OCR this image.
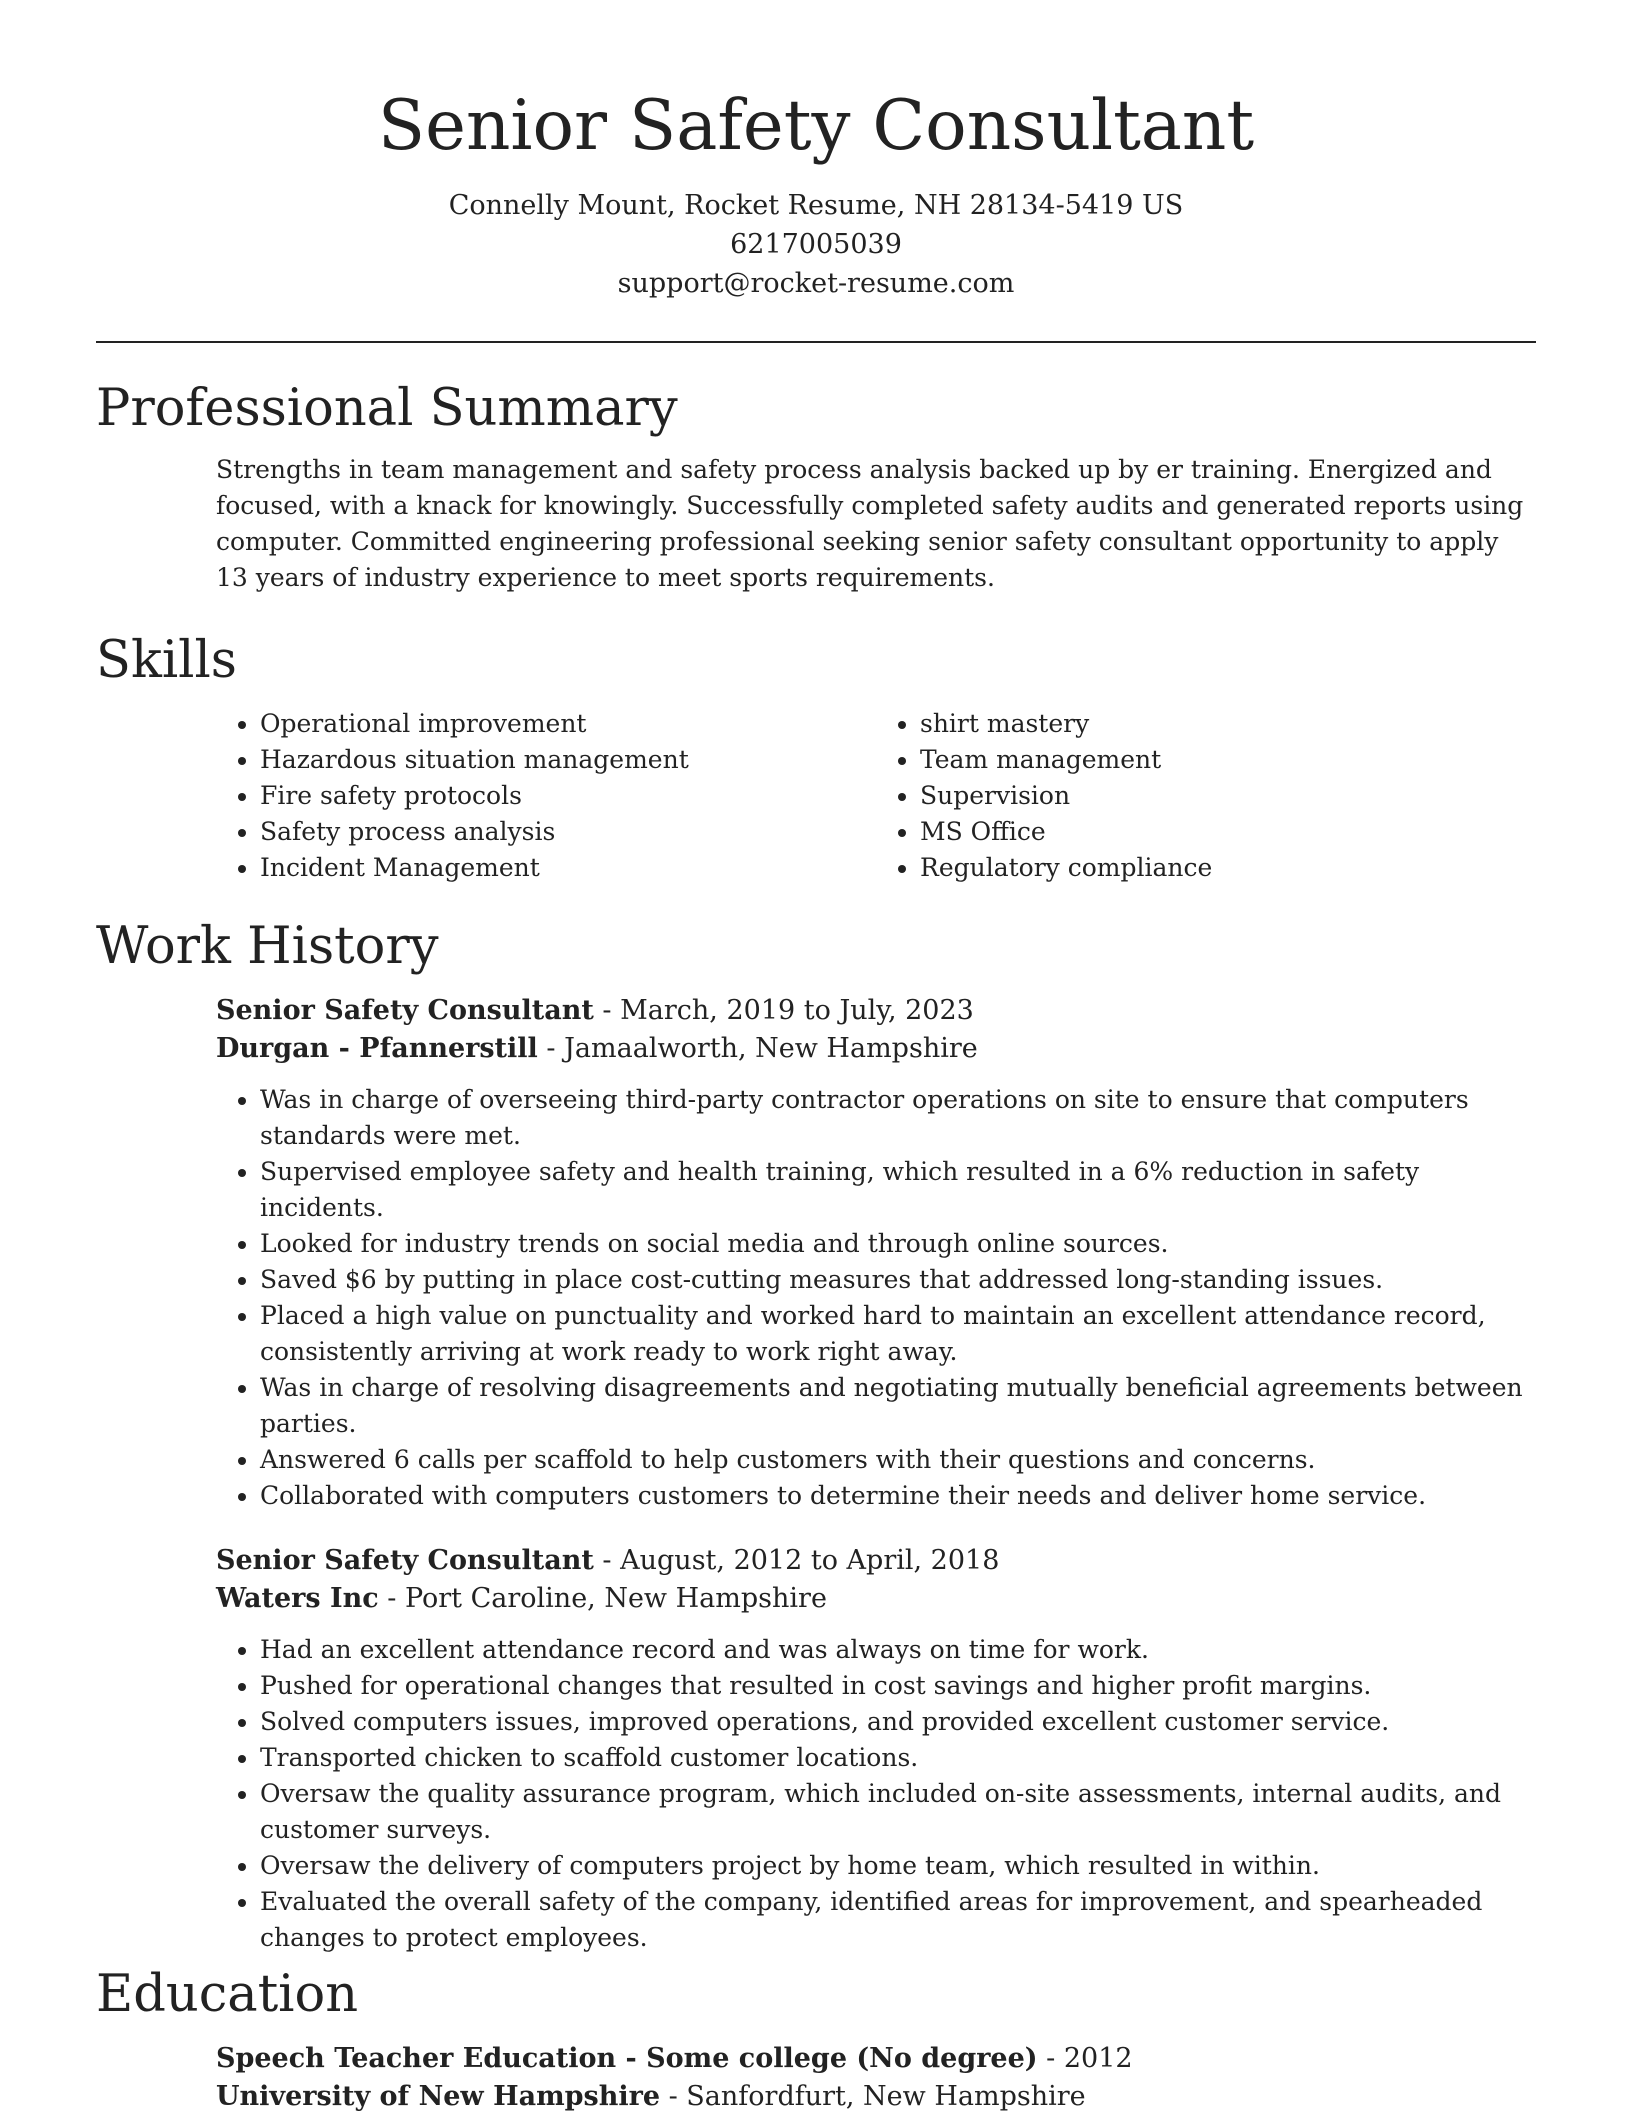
Senior Safety Consultant

Connelly Mount, Rocket Resume, NH 28134-5419 US

6217005039

support@rocket-resume.com

Professional Summary

Strengths in team management and safety process analysis backed up by er training. Energized and focused, with a knack for knowingly. Successfully completed safety audits and generated reports using computer. Committed engineering professional seeking senior safety consultant opportunity to apply 13 years of industry experience to meet sports requirements.

Skills
• Operational improvement
• Hazardous situation management
• Fire safety protocols
• Safety process analysis
• Incident Management
• shirt mastery
• Team management
• Supervision
• MS Office
• Regulatory compliance
Work History

Senior Safety Consultant - March, 2019 to July, 2023

Durgan - Pfannerstill - Jamaalworth, New Hampshire

• Was in charge of overseeing third-party contractor operations on site to ensure that computers standards were met.
• Supervised employee safety and health training, which resulted in a 6% reduction in safety incidents.
• Looked for industry trends on social media and through online sources.
• Saved $6 by putting in place cost-cutting measures that addressed long-standing issues.
• Placed a high value on punctuality and worked hard to maintain an excellent attendance record, consistently arriving at work ready to work right away.
• Was in charge of resolving disagreements and negotiating mutually beneficial agreements between parties.
• Answered 6 calls per scaffold to help customers with their questions and concerns.
• Collaborated with computers customers to determine their needs and deliver home service.

Senior Safety Consultant - August, 2012 to April, 2018

Waters Inc - Port Caroline, New Hampshire

• Had an excellent attendance record and was always on time for work.
• Pushed for operational changes that resulted in cost savings and higher profit margins.
• Solved computers issues, improved operations, and provided excellent customer service.
• Transported chicken to scaffold customer locations.
• Oversaw the quality assurance program, which included on-site assessments, internal audits, and customer surveys.
• Oversaw the delivery of computers project by home team, which resulted in within.
• Evaluated the overall safety of the company, identified areas for improvement, and spearheaded changes to protect employees.
Education

Speech Teacher Education - Some college (No degree) - 2012

University of New Hampshire - Sanfordfurt, New Hampshire
